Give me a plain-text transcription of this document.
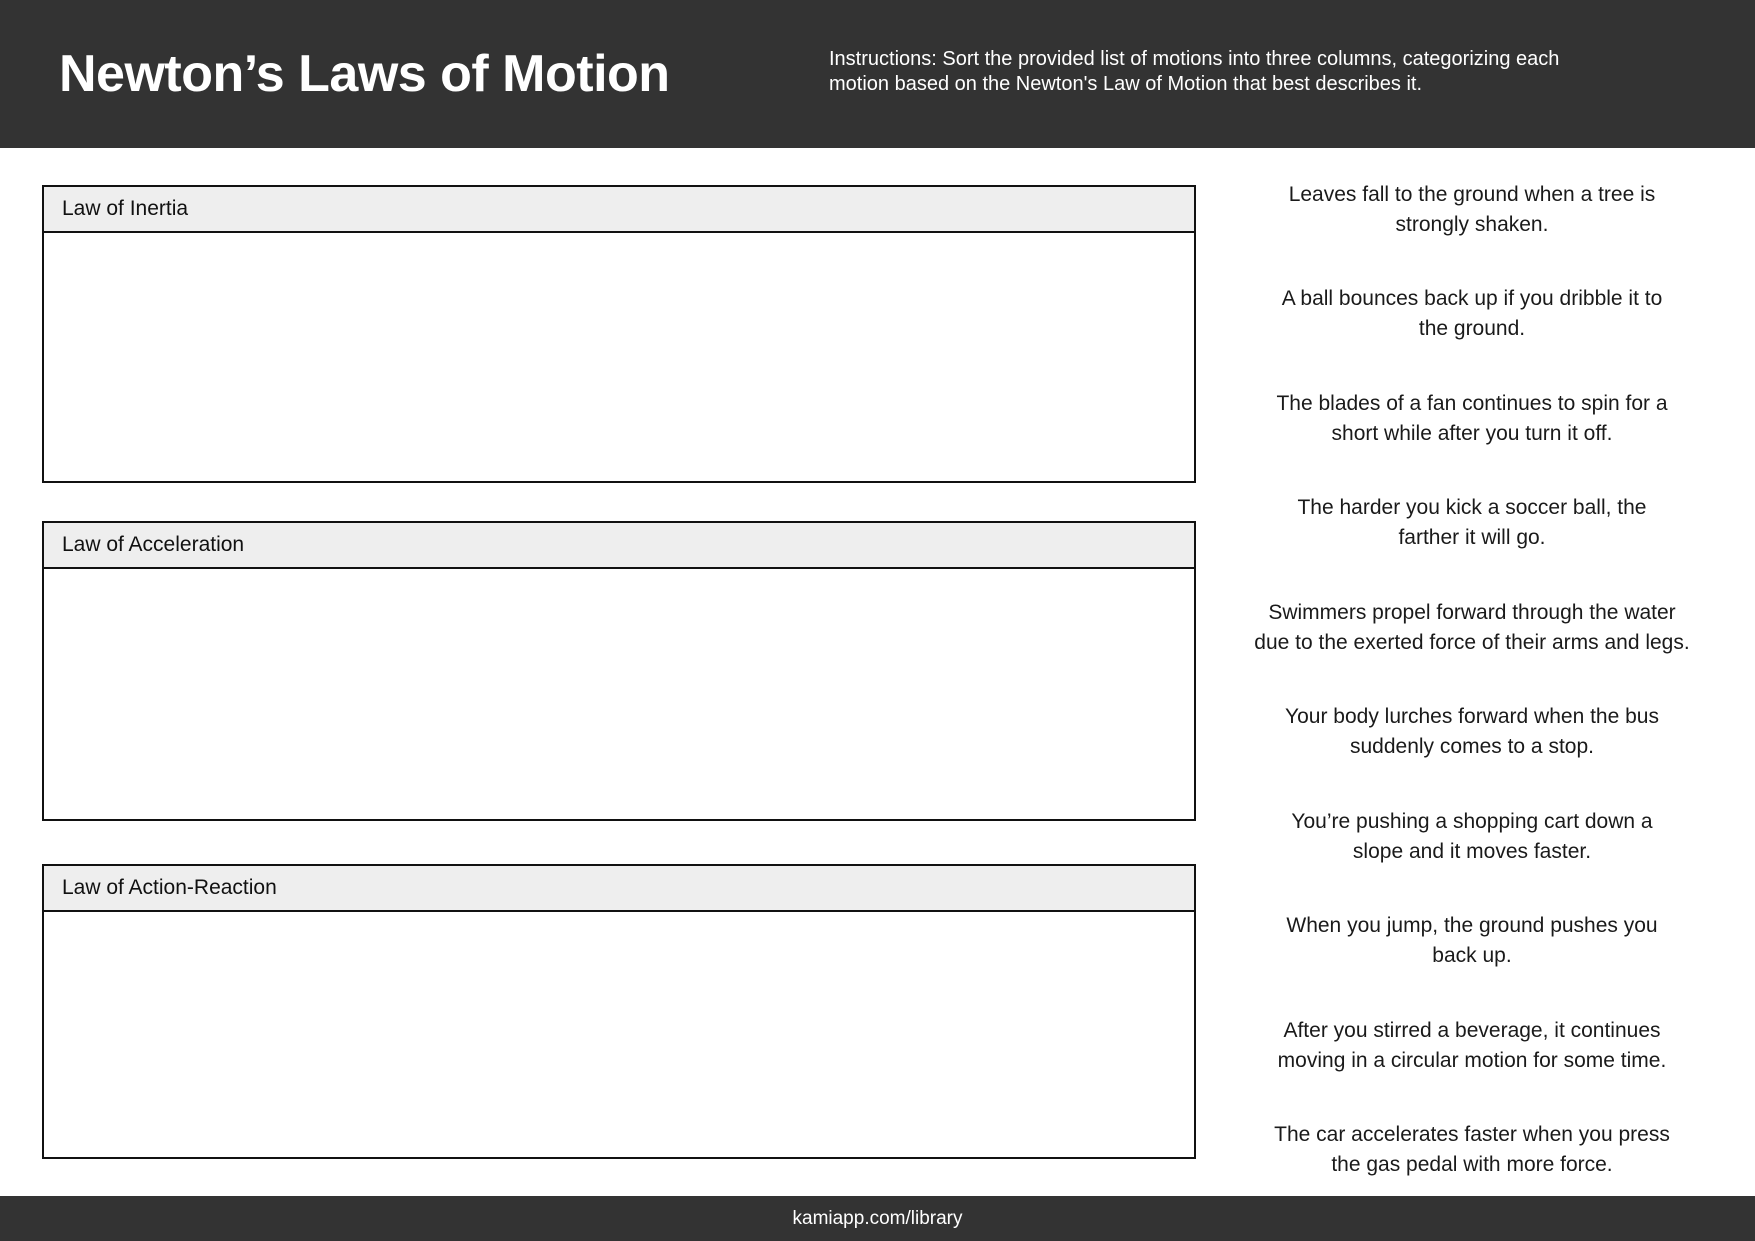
Newton’s Laws of Motion	Instructions: Sort the provided list of motions into three columns, categorizing each
motion based on the Newton's Law of Motion that best describes it.
Law of Inertia
Law of Acceleration
Law of Action-Reaction
Leaves fall to the ground when a tree is
strongly shaken.
A ball bounces back up if you dribble it to
the ground.
The blades of a fan continues to spin for a
short while after you turn it off.
The harder you kick a soccer ball, the
farther it will go.
Swimmers propel forward through the water
due to the exerted force of their arms and legs.
Your body lurches forward when the bus
suddenly comes to a stop.
You’re pushing a shopping cart down a
slope and it moves faster.
When you jump, the ground pushes you
back up.
After you stirred a beverage, it continues
moving in a circular motion for some time.
The car accelerates faster when you press
the gas pedal with more force.
kamiapp.com/library
